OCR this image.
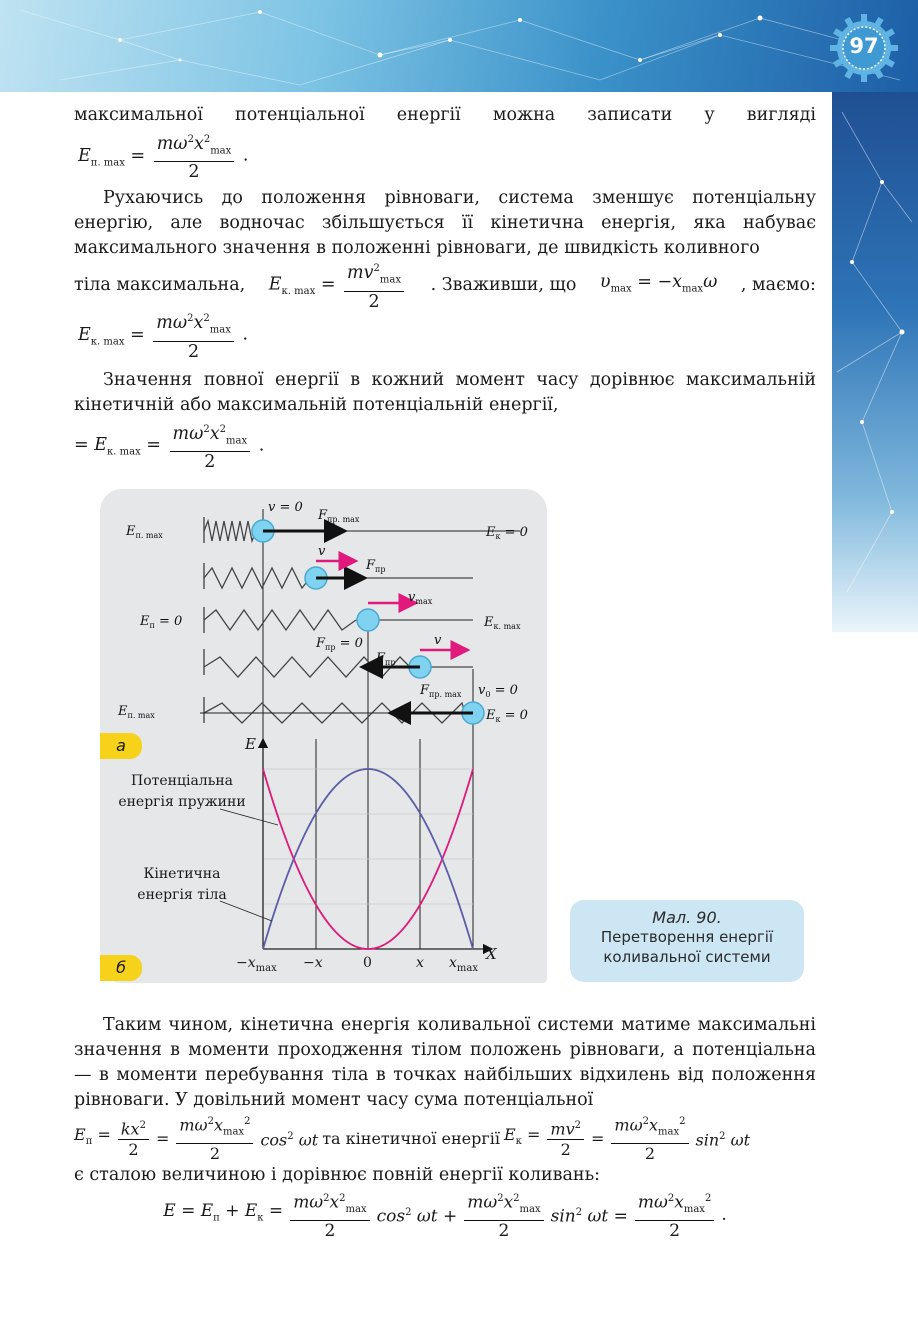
97

максимальної потенціальної енергії можна записати у вигляді

$E_{п. max} = \frac{m\omega^2x^2_{max}}{2}$ .

Рухаючись до положення рівноваги, система зменшує потенціальну енергію, але водночас збільшується її кінетична енергія, яка набуває максимального значення в положенні рівноваги, де швидкість коливного

тіла максимальна, $E_{к. max} = \frac{mv^2_{max}}{2}$ . Зваживши, що $\upsilon_{max} = -x_{max}\omega$ , маємо:
$E_{к. max} = \frac{m\omega^2x^2_{max}}{2}$ .

Значення повної енергії в кожний момент часу дорівнює максимальній кінетичній або максимальній потенціальній енергії,

= $E_{к. max} = \frac{m\omega^2x^2_{max}}{2}$ .
v = 0
$F_{пр. max}$
$E_к = 0$
v
$F_{пр}$
$v_{max}$
$E_{к. max}$
$F_{пр} = 0$	v
$F_{пр}$
$F_{пр. max}$ $v_0 = 0$
$E_к = 0$
$E_{п. max}$
$E_п = 0$
$E_{п. max}$
E
X
Потенціальна
енергія пружини
Кінетична
енергія тіла
$-x_{max} -x$	0	x $x_{max}$
а
б
Мал. 90.
Перетворення енергії
коливальної системи

Таким чином, кінетична енергія коливальної системи матиме максимальні значення в моменти проходження тілом положень рівноваги, а потенціальна — в моменти перебування тіла в точках найбільших відхилень від положення рівноваги. У довільний момент часу сума потенціальної

$E_п = \frac{kx^2}{2} = \frac{m\omega^2x_{max}^2}{2} \cos^2 \omega t$ та кінетичної енергії $E_к = \frac{mv^2}{2} = \frac{m\omega^2x_{max}^2}{2} \sin^2 \omega t$

є сталою величиною і дорівнює повній енергії коливань:

$E = E_п + E_к = \frac{m\omega^2x^2_{max}}{2} \cos^2 \omega t + \frac{m\omega^2x^2_{max}}{2} \sin^2 \omega t = \frac{m\omega^2x_{max}^2}{2}$ .
